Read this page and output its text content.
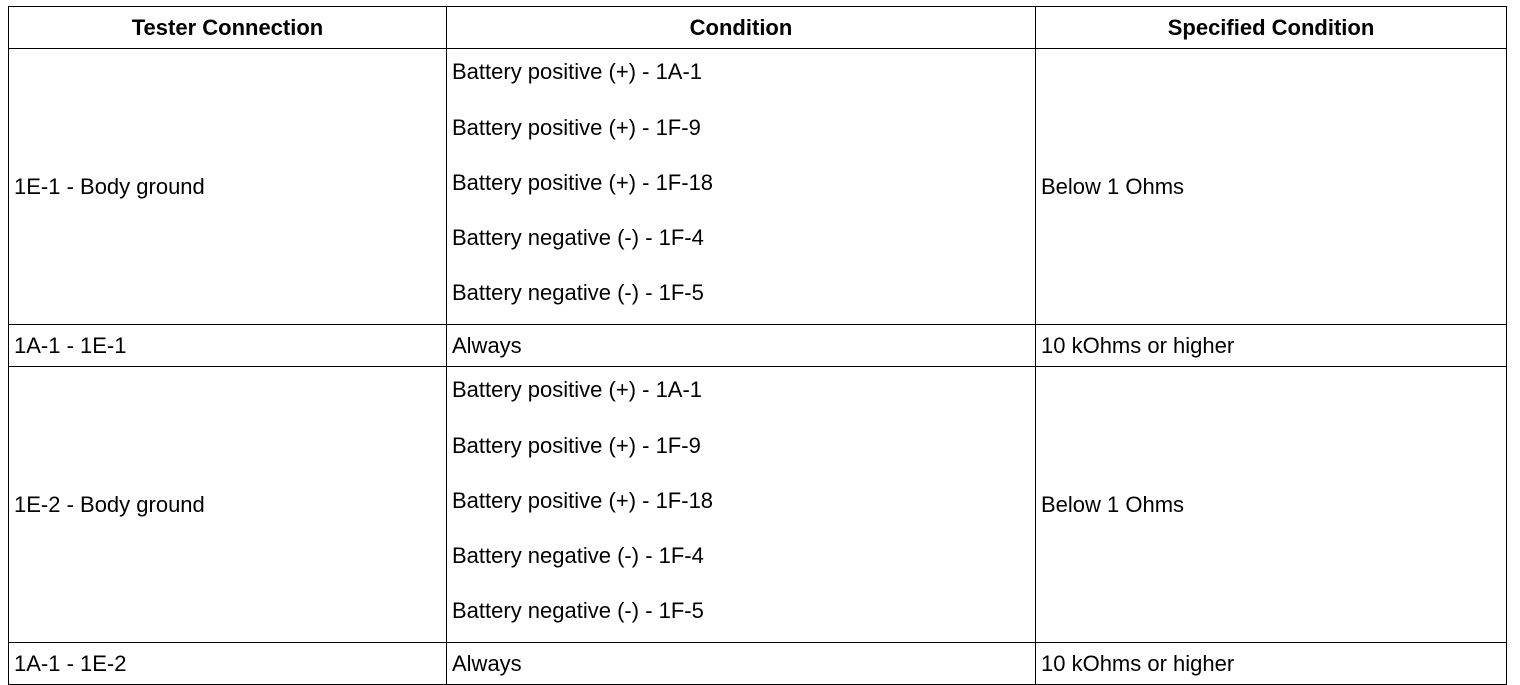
Tester Connection	Condition	Specified Condition
1E-1 - Body ground	Battery positive (+) - 1A-1
Battery positive (+) - 1F-9
Battery positive (+) - 1F-18
Battery negative (-) - 1F-4
Battery negative (-) - 1F-5	Below 1 Ohms
1A-1 - 1E-1	Always	10 kOhms or higher
1E-2 - Body ground	Battery positive (+) - 1A-1
Battery positive (+) - 1F-9
Battery positive (+) - 1F-18
Battery negative (-) - 1F-4
Battery negative (-) - 1F-5	Below 1 Ohms
1A-1 - 1E-2	Always	10 kOhms or higher
